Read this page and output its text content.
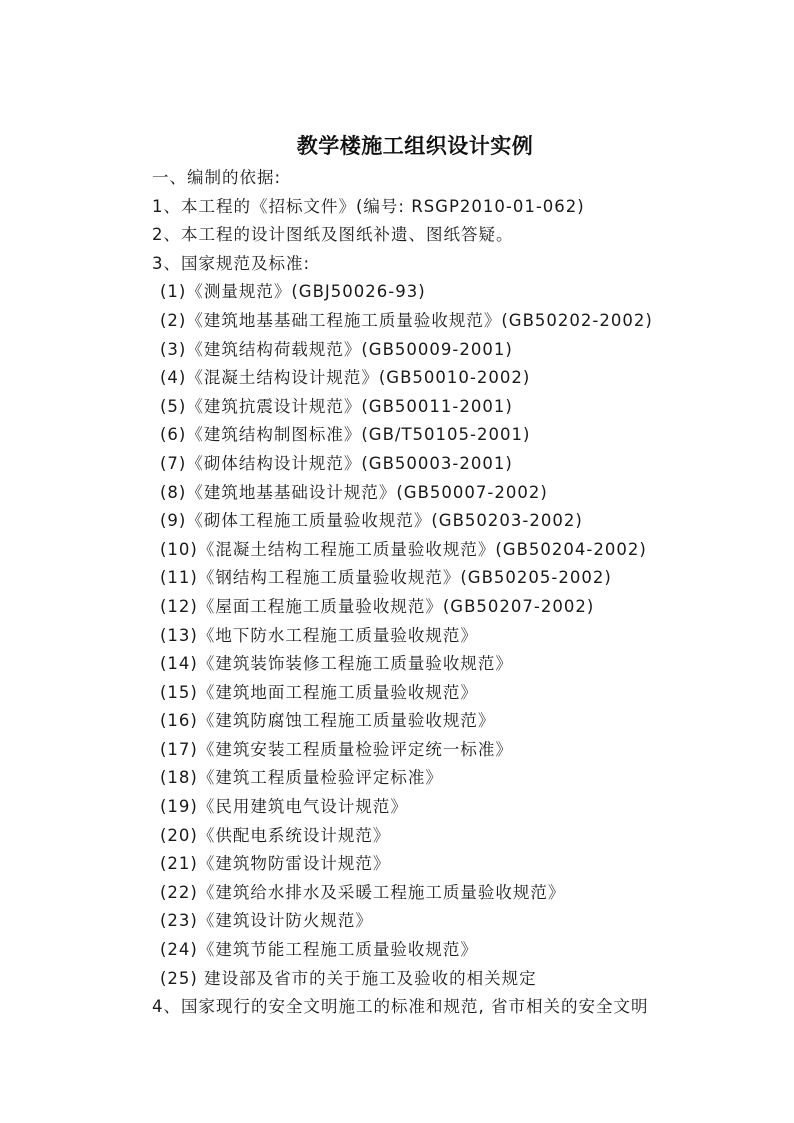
教学楼施工组织设计实例
一、编制的依据:
1、本工程的《招标文件》(编号: RSGP2010-01-062)
2、本工程的设计图纸及图纸补遗、图纸答疑。
3、国家规范及标准:
(1)《测量规范》(GBJ50026-93)
(2)《建筑地基基础工程施工质量验收规范》(GB50202-2002)
(3)《建筑结构荷载规范》(GB50009-2001)
(4)《混凝土结构设计规范》(GB50010-2002)
(5)《建筑抗震设计规范》(GB50011-2001)
(6)《建筑结构制图标准》(GB/T50105-2001)
(7)《砌体结构设计规范》(GB50003-2001)
(8)《建筑地基基础设计规范》(GB50007-2002)
(9)《砌体工程施工质量验收规范》(GB50203-2002)
(10)《混凝土结构工程施工质量验收规范》(GB50204-2002)
(11)《钢结构工程施工质量验收规范》(GB50205-2002)
(12)《屋面工程施工质量验收规范》(GB50207-2002)
(13)《地下防水工程施工质量验收规范》
(14)《建筑装饰装修工程施工质量验收规范》
(15)《建筑地面工程施工质量验收规范》
(16)《建筑防腐蚀工程施工质量验收规范》
(17)《建筑安装工程质量检验评定统一标准》
(18)《建筑工程质量检验评定标准》
(19)《民用建筑电气设计规范》
(20)《供配电系统设计规范》
(21)《建筑物防雷设计规范》
(22)《建筑给水排水及采暖工程施工质量验收规范》
(23)《建筑设计防火规范》
(24)《建筑节能工程施工质量验收规范》
(25) 建设部及省市的关于施工及验收的相关规定
4、国家现行的安全文明施工的标准和规范, 省市相关的安全文明
